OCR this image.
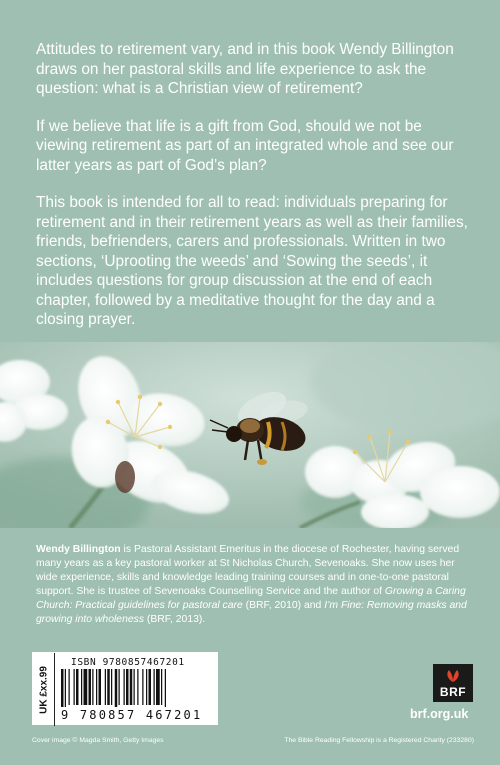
Attitudes to retirement vary, and in this book Wendy Billington draws on her pastoral skills and life experience to ask the question: what is a Christian view of retirement?

If we believe that life is a gift from God, should we not be viewing retirement as part of an integrated whole and see our latter years as part of God’s plan?

This book is intended for all to read: individuals preparing for retirement and in their retirement years as well as their families, friends, befrienders, carers and professionals. Written in two sections, ‘Uprooting the weeds’ and ‘Sowing the seeds’, it includes questions for group discussion at the end of each chapter, followed by a meditative thought for the day and a closing prayer.

Wendy Billington is Pastoral Assistant Emeritus in the diocese of Rochester, having served many years as a key pastoral worker at St Nicholas Church, Sevenoaks. She now uses her wide experience, skills and knowledge leading training courses and in one-to-one pastoral support. She is trustee of Sevenoaks Counselling Service and the author of Growing a Caring Church: Practical guidelines for pastoral care (BRF, 2010) and I’m Fine: Removing masks and growing into wholeness (BRF, 2013).
UK £xx.99
ISBN 9780857467201
9 780857 467201
BRF
brf.org.uk
Cover image © Magda Smith, Getty Images	The Bible Reading Fellowship is a Registered Charity (233280)
